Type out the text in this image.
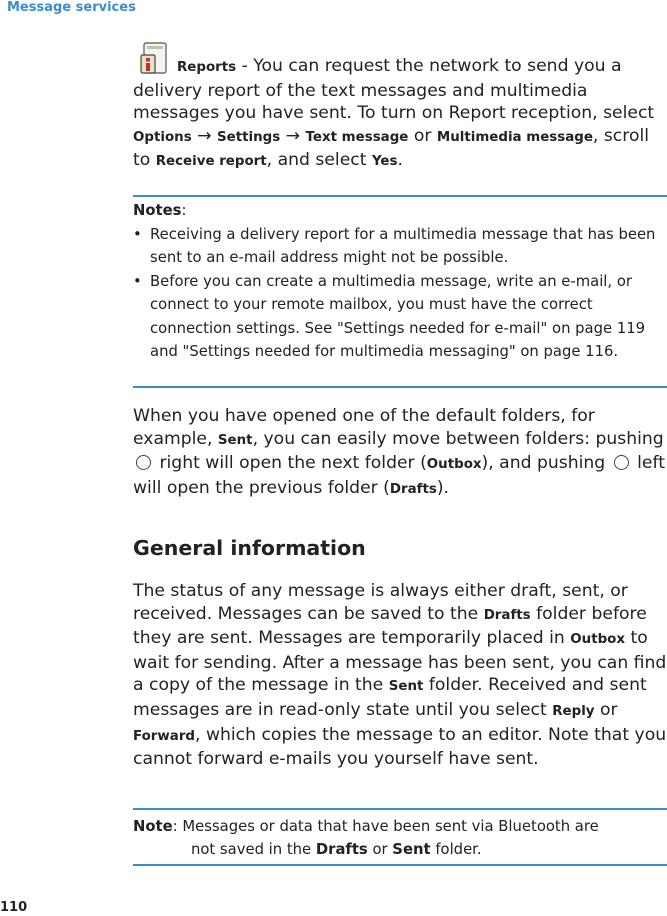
Message services
Reports - You can request the network to send you a delivery report of the text messages and multimedia messages you have sent. To turn on Report reception, select Options → Settings → Text message or Multimedia message, scroll to Receive report, and select Yes.
Notes:
• Receiving a delivery report for a multimedia message that has been sent to an e-mail address might not be possible.
• Before you can create a multimedia message, write an e-mail, or connect to your remote mailbox, you must have the correct connection settings. See "Settings needed for e-mail" on page 119 and "Settings needed for multimedia messaging" on page 116.
When you have opened one of the default folders, for example, Sent, you can easily move between folders: pushing  right will open the next folder (Outbox), and pushing  left will open the previous folder (Drafts).
General information
The status of any message is always either draft, sent, or received. Messages can be saved to the Drafts folder before they are sent. Messages are temporarily placed in Outbox to wait for sending. After a message has been sent, you can find a copy of the message in the Sent folder. Received and sent messages are in read-only state until you select Reply or Forward, which copies the message to an editor. Note that you cannot forward e-mails you yourself have sent.
Note: Messages or data that have been sent via Bluetooth are
not saved in the Drafts or Sent folder.
110
